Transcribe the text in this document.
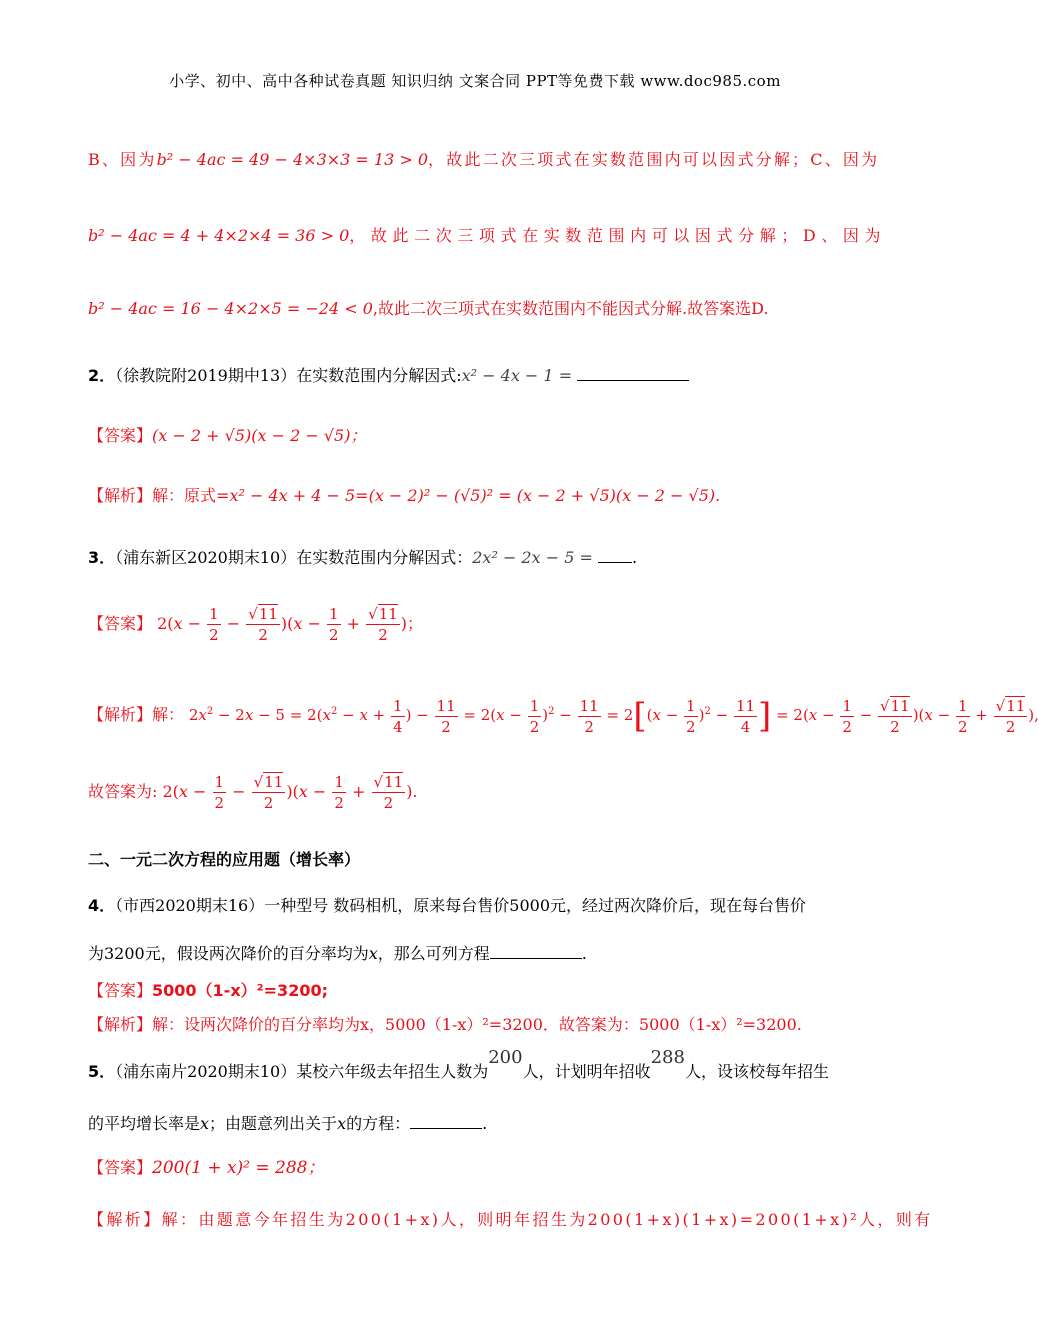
小学、初中、高中各种试卷真题 知识归纳 文案合同 PPT等免费下载 www.doc985.com
B、因为b² − 4ac = 49 − 4×3×3 = 13 > 0，故此二次三项式在实数范围内可以因式分解；C、因为
b² − 4ac = 4 + 4×2×4 = 36 > 0，故此二次三项式在实数范围内可以因式分解；D、因为
b² − 4ac = 16 − 4×2×5 = −24 < 0,故此二次三项式在实数范围内不能因式分解.故答案选D.
2．（徐教院附2019期中13）在实数范围内分解因式:x² − 4x − 1 =
【答案】(x − 2 + √5)(x − 2 − √5)；
【解析】解：原式=x² − 4x + 4 − 5=(x − 2)² − (√5)² = (x − 2 + √5)(x − 2 − √5).
3．（浦东新区2020期末10）在实数范围内分解因式：2x² − 2x − 5 = .
【答案】 $2(x - \frac{1}{2} - \frac{√11}{2} )(x - \frac{1}{2} + \frac{√11}{2}$ )；
【解析】解： $2x^2 - 2x - 5 = 2(x^2 - x + \frac{1}{4}$ ) − $\frac{11}{2} = 2(x - \frac{1}{2} )^2 - \frac{11}{2} = 2[(x - \frac{1}{2} )^2 - \frac{11}{4}$ ] = $2(x - \frac{1}{2} - \frac{√11}{2} )(x - \frac{1}{2} + \frac{√11}{2}$ ),
故答案为: $2(x - \frac{1}{2} - \frac{√11}{2} )(x - \frac{1}{2} + \frac{√11}{2}$ ).
二、一元二次方程的应用题（增长率）
4．（市西2020期末16）一种型号 数码相机，原来每台售价5000元，经过两次降价后，现在每台售价
为3200元，假设两次降价的百分率均为x，那么可列方程	.
【答案】5000（1-x）²=3200;
【解析】解：设两次降价的百分率均为x，5000（1-x）²=3200．故答案为：5000（1-x）²=3200.
5．（浦东南片2020期末10）某校六年级去年招生人数为200人，计划明年招收288人，设该校每年招生
的平均增长率是x；由题意列出关于x的方程：	.
【答案】200(1 + x)² = 288；
【解析】解：由题意今年招生为200(1+x)人，则明年招生为200(1+x)(1+x)=200(1+x)²人，则有
